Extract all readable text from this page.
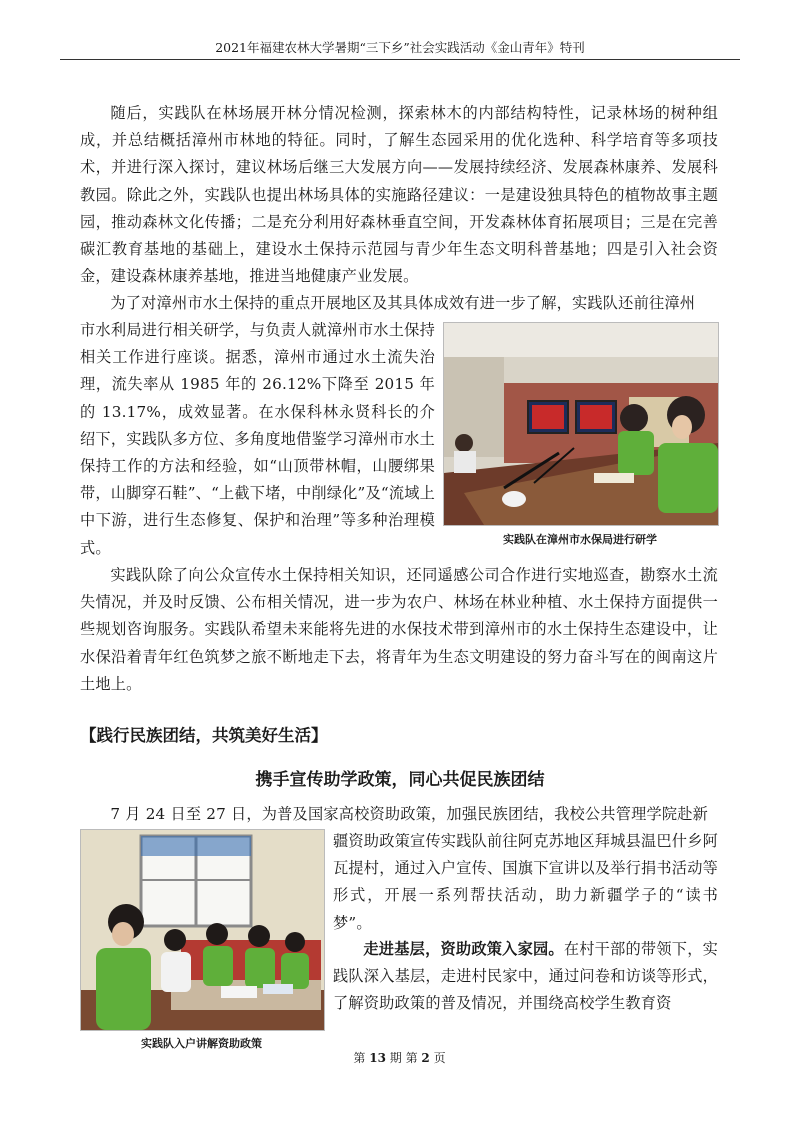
2021年福建农林大学暑期“三下乡”社会实践活动《金山青年》特刊

随后，实践队在林场展开林分情况检测，探索林木的内部结构特性，记录林场的树种组成，并总结概括漳州市林地的特征。同时，了解生态园采用的优化选种、科学培育等多项技术，并进行深入探讨，建议林场后继三大发展方向——发展持续经济、发展森林康养、发展科教园。除此之外，实践队也提出林场具体的实施路径建议：一是建设独具特色的植物故事主题园，推动森林文化传播；二是充分利用好森林垂直空间，开发森林体育拓展项目；三是在完善碳汇教育基地的基础上，建设水土保持示范园与青少年生态文明科普基地；四是引入社会资金，建设森林康养基地，推进当地健康产业发展。

为了对漳州市水土保持的重点开展地区及其具体成效有进一步了解，实践队还前往漳州

市水利局进行相关研学，与负责人就漳州市水土保持相关工作进行座谈。据悉，漳州市通过水土流失治理，流失率从 1985 年的 26.12%下降至 2015 年的 13.17%，成效显著。在水保科林永贤科长的介绍下，实践队多方位、多角度地借鉴学习漳州市水土保持工作的方法和经验，如“山顶带林帽，山腰绑果带，山脚穿石鞋”、“上截下堵，中削绿化”及“流域上中下游，进行生态修复、保护和治理”等多种治理模式。	实践队在漳州市水保局进行研学

实践队除了向公众宣传水土保持相关知识，还同遥感公司合作进行实地巡查，勘察水土流失情况，并及时反馈、公布相关情况，进一步为农户、林场在林业种植、水土保持方面提供一些规划咨询服务。实践队希望未来能将先进的水保技术带到漳州市的水土保持生态建设中，让水保沿着青年红色筑梦之旅不断地走下去，将青年为生态文明建设的努力奋斗写在的闽南这片土地上。

【践行民族团结，共筑美好生活】
携手宣传助学政策，同心共促民族团结

7 月 24 日至 27 日，为普及国家高校资助政策，加强民族团结，我校公共管理学院赴新

实践队入户讲解资助政策

疆资助政策宣传实践队前往阿克苏地区拜城县温巴什乡阿瓦提村，通过入户宣传、国旗下宣讲以及举行捐书活动等形式，开展一系列帮扶活动，助力新疆学子的“读书梦”。

走进基层，资助政策入家园。在村干部的带领下，实践队深入基层，走进村民家中，通过问卷和访谈等形式，了解资助政策的普及情况，并围绕高校学生教育资

第 13 期 第 2 页
